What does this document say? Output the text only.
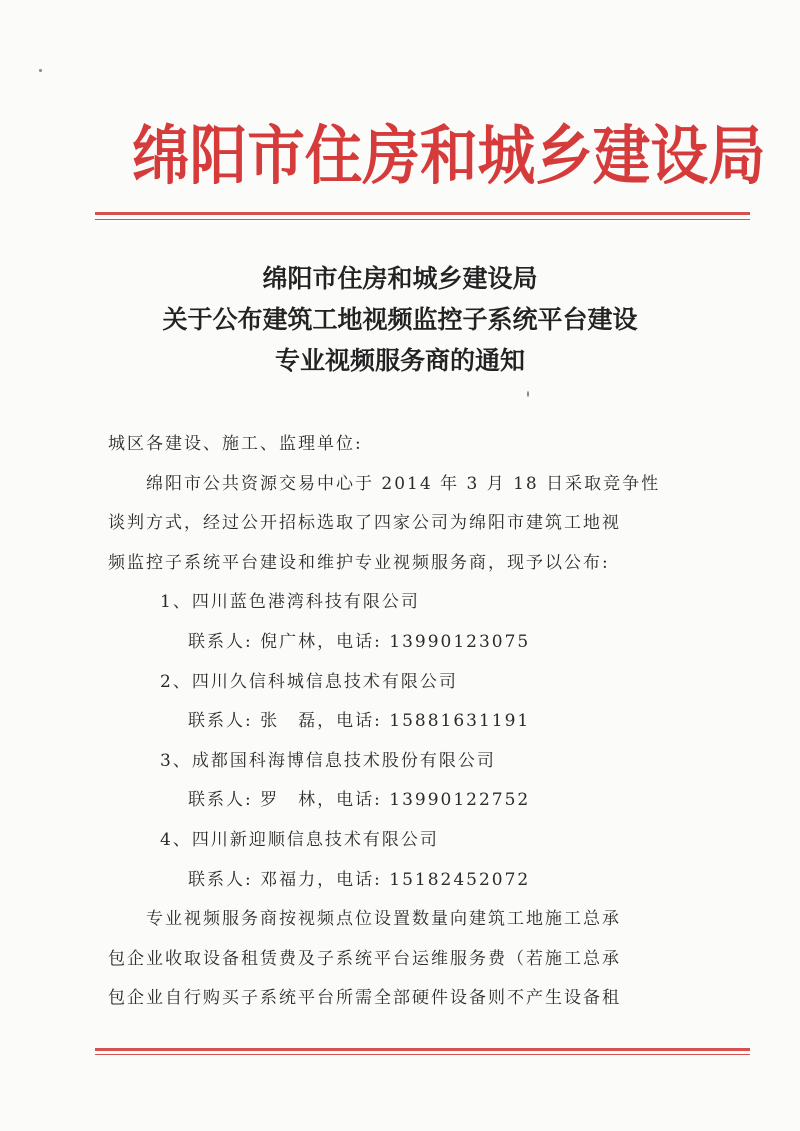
绵阳市住房和城乡建设局
绵阳市住房和城乡建设局
关于公布建筑工地视频监控子系统平台建设
专业视频服务商的通知

城区各建设、施工、监理单位:

绵阳市公共资源交易中心于 2014 年 3 月 18 日采取竞争性

谈判方式，经过公开招标选取了四家公司为绵阳市建筑工地视

频监控子系统平台建设和维护专业视频服务商，现予以公布:

1、四川蓝色港湾科技有限公司

联系人: 倪广林，电话: 13990123075

2、四川久信科城信息技术有限公司

联系人: 张　磊，电话: 15881631191

3、成都国科海博信息技术股份有限公司

联系人: 罗　林，电话: 13990122752

4、四川新迎顺信息技术有限公司

联系人: 邓福力，电话: 15182452072

专业视频服务商按视频点位设置数量向建筑工地施工总承

包企业收取设备租赁费及子系统平台运维服务费（若施工总承

包企业自行购买子系统平台所需全部硬件设备则不产生设备租
